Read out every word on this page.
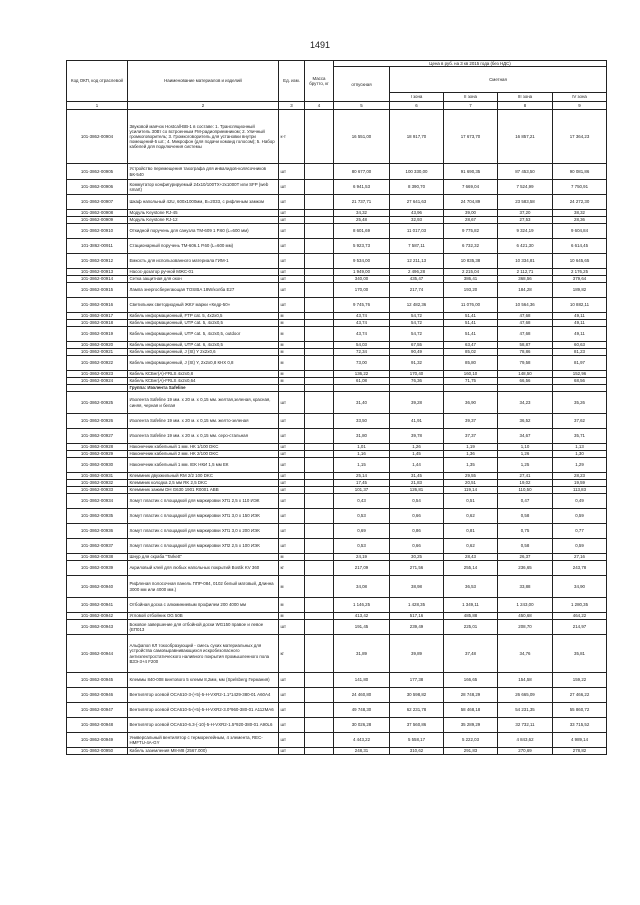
1491
Код ОКП, код отраслевой	Наименование материалов и изделий	Ед. изм.	Масса брутто, кг	Цена в руб. на 3 кв 2015 года (без НДС)				
				отпускная	Сметная			
					I зона	II зона	III зона	IV зона
1	2	3	4	5	6	7	8	9
101-3862-00904	Звуковой маячок Hostcall-BB-1 в составе: 1. Трансляционный усилитель 30Вт со встроенным FM-радиоприемником; 2. Уличный громкоговоритель; 3. Громкоговоритель для установки внутри помещений-5 шт.; 4. Микрофон (для подачи команд голосом); 5. Набор кабелей для подключения системы	к-т		16 551,00	18 917,70	17 673,70	16 857,21	17 364,23
101-3862-00905	Устройство перемещения тахографа для инвалидов-колясочников БК-540	шт		80 677,00	100 330,00	91 690,35	87 453,50	90 081,86
101-3862-00906	Коммутатор конфигурируемый 24x10/100TX+2x1000T или SFP (web smart)	шт		6 941,53	8 390,70	7 669,04	7 524,99	7 750,91
101-3862-00907	Шкаф напольный 42U, 600x1000мм, В=2033, с рифленым замком	шт		21 737,71	27 641,63	24 704,89	23 583,58	24 272,30
101-3862-00908	Модуль Keystone RJ-45	шт		34,32	43,96	39,00	37,20	38,32
101-3862-00909	Модуль Keystone RJ-12	шт		25,48	32,93	28,67	27,53	28,36
101-3862-00910	Откидной поручень для санузла TM-609 1 Р.60 (L=600 мм)	шт		8 601,69	11 017,03	9 775,82	9 324,19	9 604,84
101-3862-00911	Стационарный поручень TM-606.1 Р.60 (L=600 мм)	шт		5 923,73	7 587,11	6 732,32	6 421,30	6 614,45
101-3862-00912	Емкость для использованного материала ГИМ-1	шт		9 534,00	12 211,13	10 835,38	10 334,81	10 645,65
101-3862-00913	Насос-дозатор ручной МЖС-01	шт		1 949,00	2 496,28	2 215,04	2 112,71	2 176,25
101-3862-00914	Сетка защитная для окон	шт		340,00	435,47	386,41	368,56	379,64
101-3862-00915	Лампа энергосберегающая TOSIBA 18W/колба Е27	шт		170,00	217,74	193,20	184,28	189,82
101-3862-00916	Светильник светодиодный ЖКУ марки «Кедр-50»	шт		9 745,76	12 482,36	11 076,00	10 564,36	10 882,11
101-3862-00917	Кабель информационный, FTP cat. 5, 4x2x0,5	м		43,74	54,72	51,41	47,68	49,11
101-3862-00918	Кабель информационный, UTP cat. 5, 4x2x0,5	м		43,74	54,72	51,41	47,68	49,11
101-3862-00919	Кабель информационный, UTP cat. 5, 4x2x0,5, outdoor	м		43,74	54,72	51,41	47,68	49,11
101-3862-00920	Кабель информационный, UTP cat. 6, 4x2x0,5	м		54,03	67,55	63,47	58,87	60,63
101-3862-00921	Кабель информационный, J (St) Y 2x2x0,6	м		72,34	90,49	85,02	78,86	81,23
101-3862-00922	Кабель информационный, J (St) Y, 2x2x0,8 КНХ 0,8	м		73,00	91,32	85,80	79,58	81,97
101-3862-00923	Кабель КСБнг(А)-FRLS 4x2x0,8	м		136,22	170,40	160,10	148,50	152,96
101-3862-00924	Кабель КСБнг(А)-FRLS 4x2x0,64	м		61,08	76,36	71,75	66,56	68,56
	Группа: Изолента Safeline							
101-3862-00925	Изолента Safeline 19 мм. х 20 м. х 0,15 мм. желтая,зеленая, красная, синяя, черная и белая	шт		31,40	39,28	36,90	34,23	35,26
101-3862-00926	Изолента Safeline 19 мм. х 20 м. х 0,15 мм. желто-зеленая	шт		33,50	41,91	39,37	36,52	37,62
101-3862-00927	Изолента Safeline 19 мм. х 20 м. х 0,15 мм. серо-стальная	шт		31,80	39,78	37,37	34,67	35,71
101-3862-00928	Наконечник кабельный 1 мм. НК 1/100 DKC	шт		1,01	1,26	1,19	1,10	1,13
101-3862-00929	Наконечник кабельный 2 мм. НК 2/100 DKC	шт		1,16	1,45	1,36	1,26	1,30
101-3862-00930	Наконечник кабельный 1 мм. IEK НКИ 1,5 мм ЕК	шт		1,15	1,44	1,35	1,25	1,29
101-3862-00931	Клеммник двухжильный RM 2/2 100 DKC	шт		25,14	31,45	29,55	27,41	28,23
101-3862-00932	Клеммник колодка 2,5 мм RK 2,5 DKC	шт		17,45	21,83	20,51	19,02	19,59
101-3862-00933	Клеммник зажим DH G630 1901 R0001 АВВ	шт		101,37	126,81	119,14	110,50	113,83
101-3862-00934	Хомут пластик с площадкой для маркировки ХП1 2,5 х 110 ИЭК	шт		0,43	0,54	0,51	0,47	0,49
101-3862-00935	Хомут пластик с площадкой для маркировки ХП1 3,0 х 150 ИЭК	шт		0,53	0,66	0,62	0,58	0,59
101-3862-00936	Хомут пластик с площадкой для маркировки ХП1 3,0 х 200 ИЭК	шт		0,69	0,86	0,81	0,75	0,77
101-3862-00937	Хомут пластик с площадкой для маркировки ХП2 2,5 х 100 ИЭК	шт		0,53	0,66	0,62	0,58	0,59
101-3862-00938	Шнур для скраба "Tarkett"	м		24,19	30,25	28,43	26,37	27,16
101-3862-00939	Акриловый клей для любых напольных покрытий Bostik KV 360	кг		217,09	271,56	255,14	236,65	243,78
101-3862-00940	Рифленая полосочная панель ППР-084, 0102 белый матовый, Длинна 3000 мм или 4000 мм.)	м		34,08	38,98	36,53	33,88	34,90
101-3862-00941	Отбойная доска с алюминиевым профилем 200 4000 мм	м		1 146,25	1 428,35	1 349,11	1 243,00	1 280,35
101-3862-00942	Угловой отбойник OG 50B	м		413,42	517,16	485,88	450,68	464,22
101-3862-00943	Боковое завершение для отбойной доски WG150 правое и левое (ЕП013	шт		191,45	239,49	225,01	208,70	214,97
101-3862-00944	Альфапол КЛ токообразующий - смесь сухих материальных для устройства самовыравнивающихся искробезопасного антиэлектростатического наливного покрытия промышленного пола ВЗЭ-3+4 F200	кг		31,89	39,89	37,48	34,76	35,81
101-3862-00945	Клеммы 840-008 винтового 5 клемм 8,2мм, мм (Spelsberg Германия)	шт		141,80	177,38	166,65	154,58	159,22
101-3862-00946	Вентилятор осевой ОСА610-3-(+5)-5-Н-VXR2-1.1*1429-380-01 А60А4	шт		24 460,80	30 598,82	28 748,29	26 665,09	27 466,22
101-3862-00947	Вентилятор осевой ОСА610-5-(+5)-5-Н-VXR2-3.0*960-380-01 А112МА6	шт		49 748,30	62 231,78	58 468,18	54 231,35	55 860,72
101-3862-00948	Вентилятор осевой ОСА610-6.3-(-10)-5-Н-VXR2-1.5*920-380-01 А90L6	шт		30 026,28	37 560,86	35 289,29	32 732,11	33 715,52
101-3862-00949	Универсальный вентилятор с терморелейным, 4 элемента, REC-HMFTU-4A-GY	шт		4 443,22	5 558,17	5 222,03	4 843,62	4 989,14
101-3862-00950	Кабель заземления М8-М8 (2567.000)	шт		248,31	310,62	291,83	270,69	278,82
